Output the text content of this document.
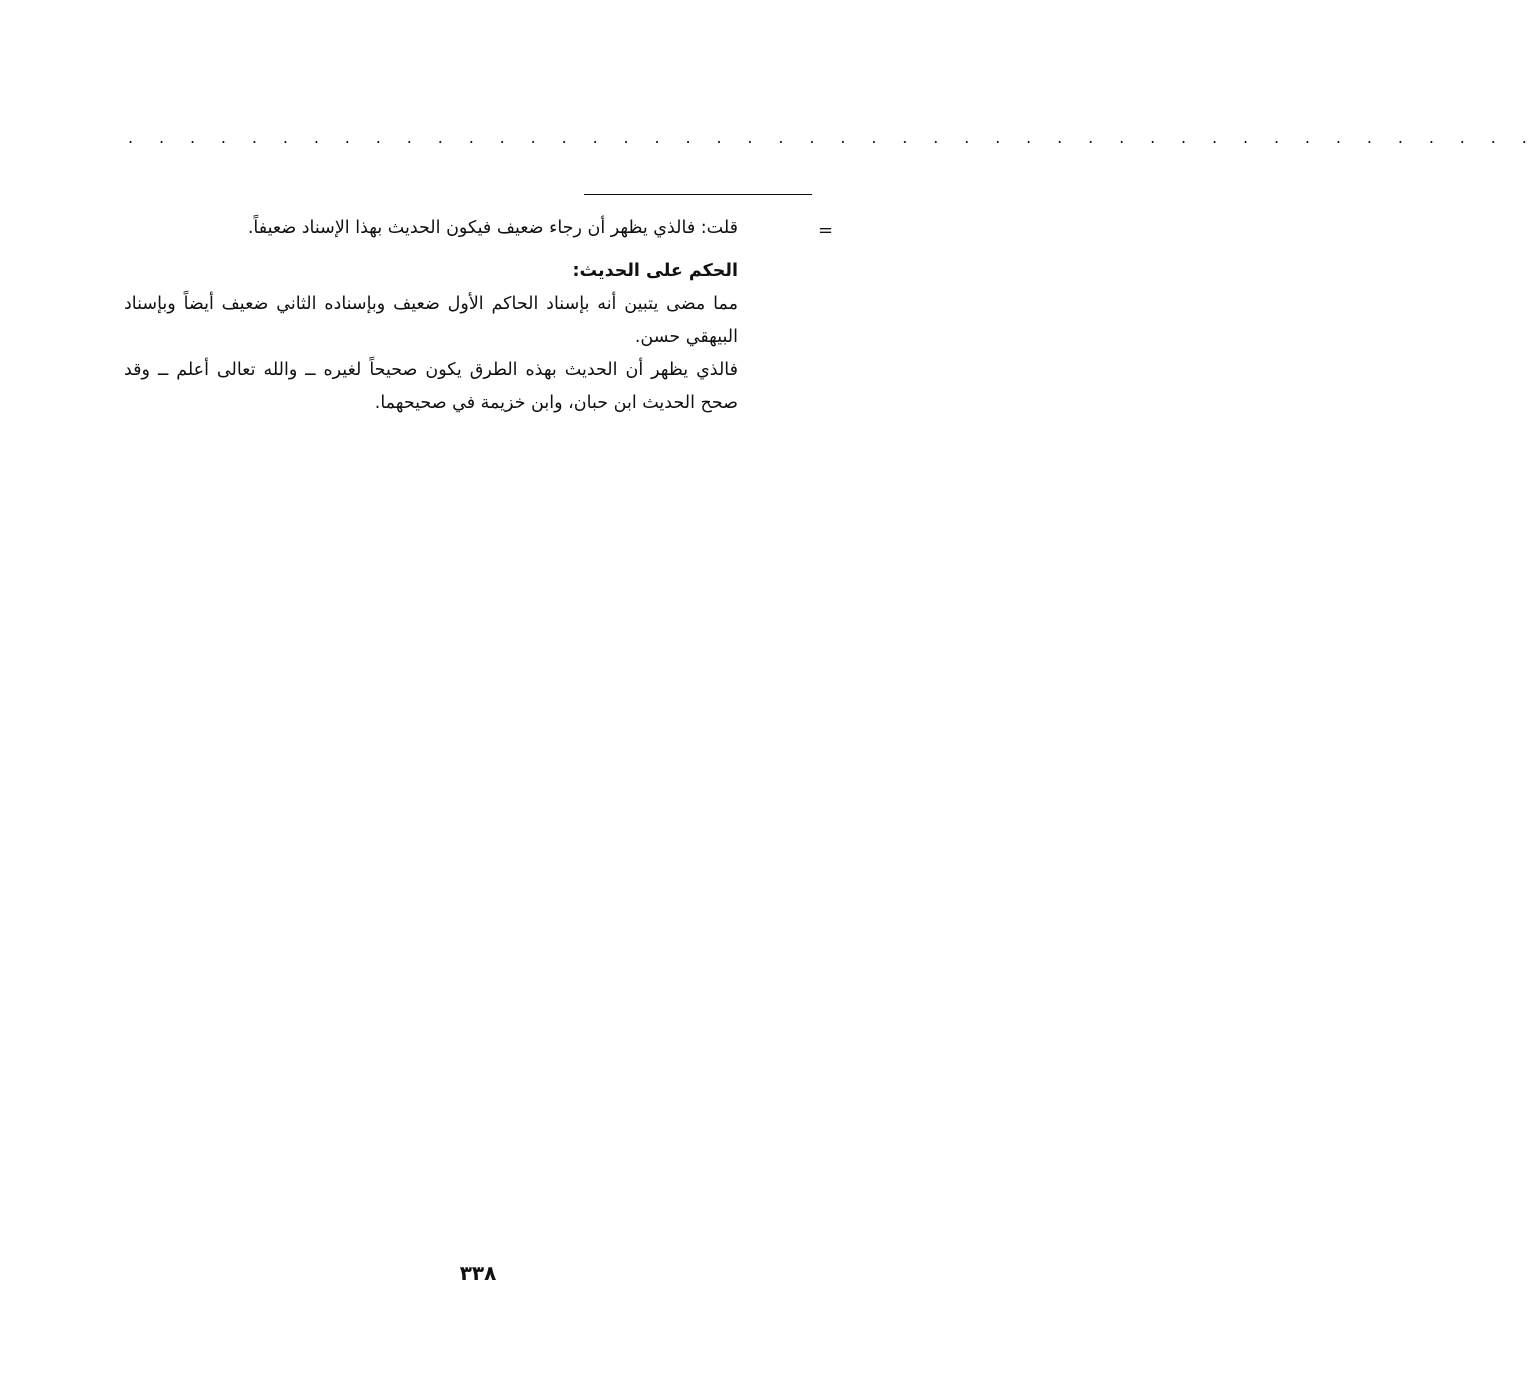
. . . . . . . . . . . . . . . . . . . . . . . . . . . . . . . . . . . . . . . . . . . . . .
=

قلت: فالذي يظهر أن رجاء ضعيف فيكون الحديث بهذا الإسناد ضعيفاً.

الحكم على الحديث:

مما مضى يتبين أنه بإسناد الحاكم الأول ضعيف وبإسناده الثاني ضعيف أيضاً وبإسناد البيهقي حسن.

فالذي يظهر أن الحديث بهذه الطرق يكون صحيحاً لغيره ــ والله تعالى أعلم ــ وقد صحح الحديث ابن حبان، وابن خزيمة في صحيحهما.

٣٣٨
